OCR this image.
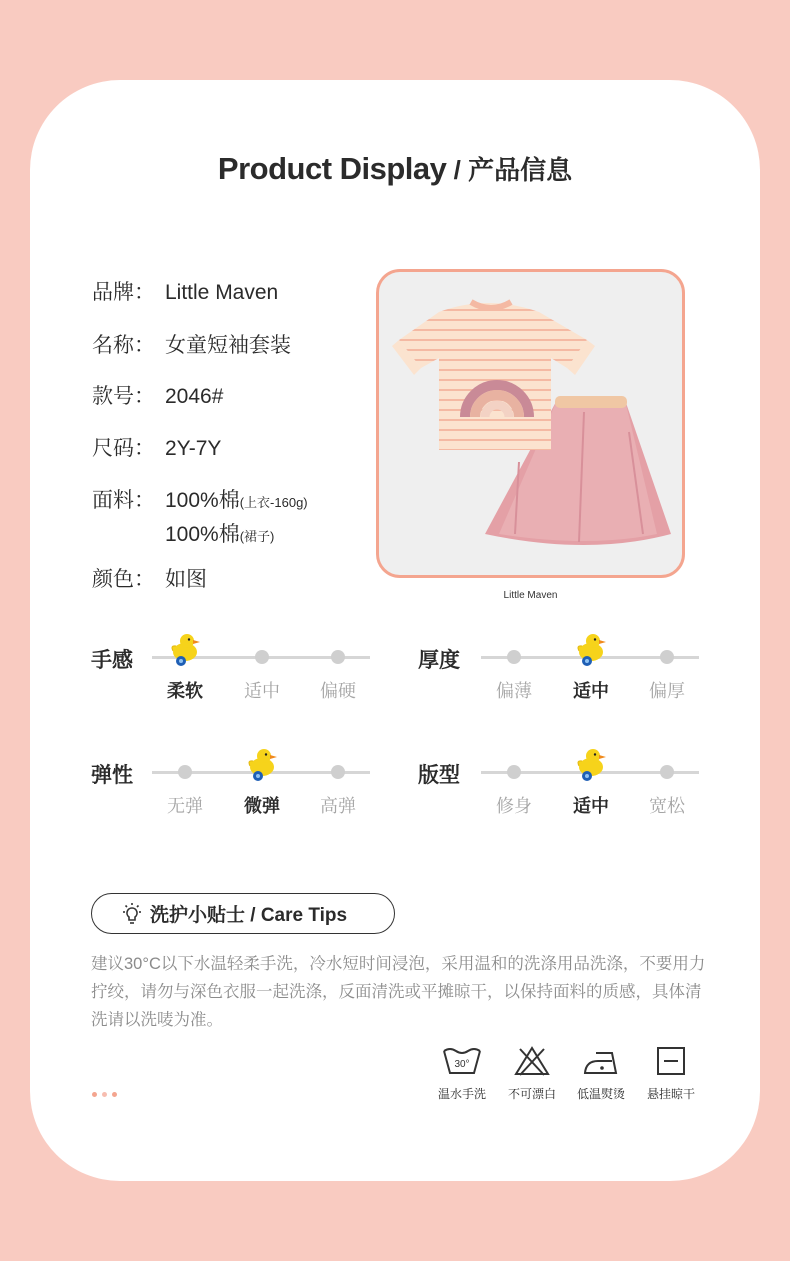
Product Display / 产品信息
品牌： Little Maven
名称： 女童短袖套装
款号： 2046#
尺码： 2Y-7Y
面料： 100%棉(上衣-160g)
100%棉(裙子)
颜色： 如图
Little Maven
手感
柔软	适中	偏硬
厚度
偏薄	适中	偏厚
弹性
无弹	微弹	高弹
版型
修身	适中	宽松
洗护小贴士 / Care Tips
建议30°C以下水温轻柔手洗，冷水短时间浸泡，采用温和的洗涤用品洗涤，不要用力拧绞，请勿与深色衣服一起洗涤，反面清洗或平摊晾干，以保持面料的质感，具体清洗请以洗唛为准。
30°
温水手洗	不可漂白	低温熨烫	悬挂晾干
